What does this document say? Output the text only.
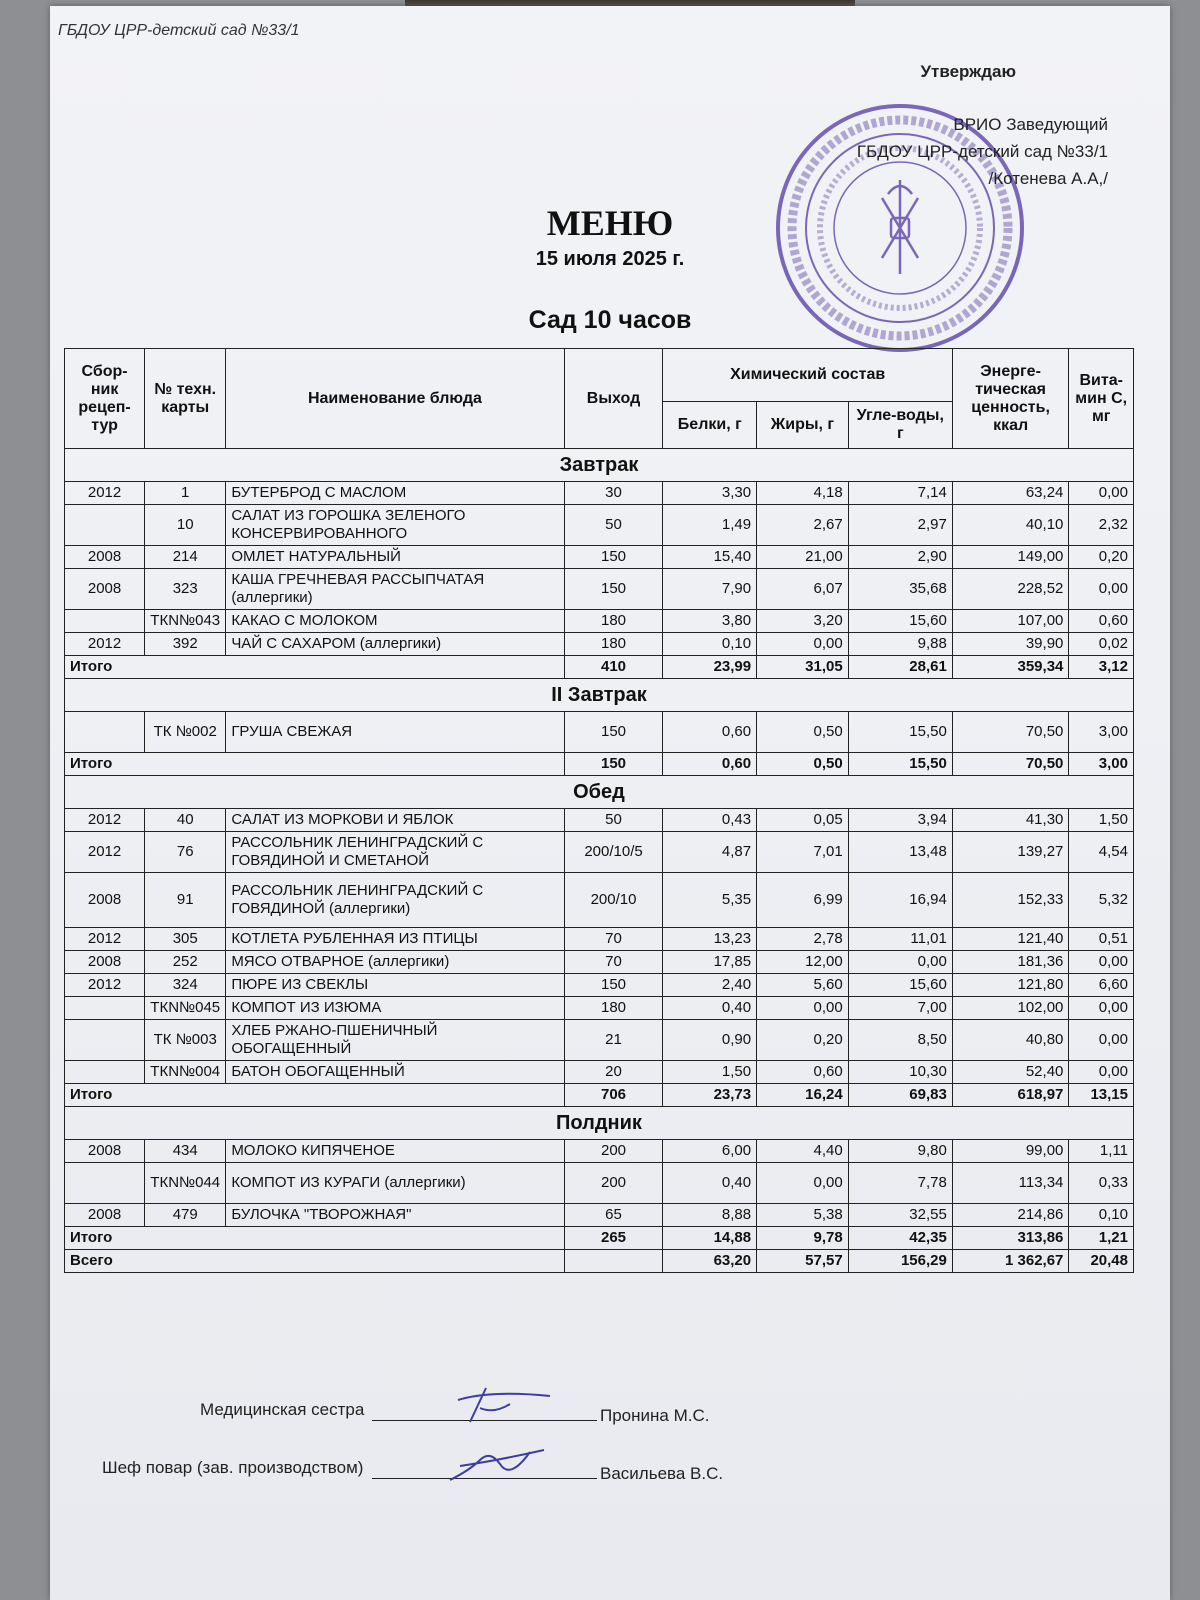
ГБДОУ ЦРР-детский сад №33/1
Утверждаю
ВРИО Заведующий
ГБДОУ ЦРР-детский сад №33/1
/Котенева А.А,/
МЕНЮ
15 июля 2025 г.
Сад 10 часов
Сбор-ник рецеп-тур	№ техн. карты	Наименование блюда	Выход	Химический состав			Энерге-тическая ценность, ккал	Вита-мин С, мг
				Белки, г	Жиры, г	Угле-воды, г		
Завтрак								
2012	1	БУТЕРБРОД С МАСЛОМ	30	3,30	4,18	7,14	63,24	0,00
	10	САЛАТ ИЗ ГОРОШКА ЗЕЛЕНОГО КОНСЕРВИРОВАННОГО	50	1,49	2,67	2,97	40,10	2,32
2008	214	ОМЛЕТ НАТУРАЛЬНЫЙ	150	15,40	21,00	2,90	149,00	0,20
2008	323	КАША ГРЕЧНЕВАЯ РАССЫПЧАТАЯ (аллергики)	150	7,90	6,07	35,68	228,52	0,00
	ТКN№043	КАКАО С МОЛОКОМ	180	3,80	3,20	15,60	107,00	0,60
2012	392	ЧАЙ С САХАРОМ (аллергики)	180	0,10	0,00	9,88	39,90	0,02
Итого			410	23,99	31,05	28,61	359,34	3,12
II Завтрак								
	ТК №002	ГРУША СВЕЖАЯ	150	0,60	0,50	15,50	70,50	3,00
Итого			150	0,60	0,50	15,50	70,50	3,00
Обед								
2012	40	САЛАТ ИЗ МОРКОВИ И ЯБЛОК	50	0,43	0,05	3,94	41,30	1,50
2012	76	РАССОЛЬНИК ЛЕНИНГРАДСКИЙ С ГОВЯДИНОЙ И СМЕТАНОЙ	200/10/5	4,87	7,01	13,48	139,27	4,54
2008	91	РАССОЛЬНИК ЛЕНИНГРАДСКИЙ С ГОВЯДИНОЙ (аллергики)	200/10	5,35	6,99	16,94	152,33	5,32
2012	305	КОТЛЕТА РУБЛЕННАЯ ИЗ ПТИЦЫ	70	13,23	2,78	11,01	121,40	0,51
2008	252	МЯСО ОТВАРНОЕ (аллергики)	70	17,85	12,00	0,00	181,36	0,00
2012	324	ПЮРЕ ИЗ СВЕКЛЫ	150	2,40	5,60	15,60	121,80	6,60
	ТКN№045	КОМПОТ ИЗ ИЗЮМА	180	0,40	0,00	7,00	102,00	0,00
	ТК №003	ХЛЕБ РЖАНО-ПШЕНИЧНЫЙ ОБОГАЩЕННЫЙ	21	0,90	0,20	8,50	40,80	0,00
	ТКN№004	БАТОН ОБОГАЩЕННЫЙ	20	1,50	0,60	10,30	52,40	0,00
Итого			706	23,73	16,24	69,83	618,97	13,15
Полдник								
2008	434	МОЛОКО КИПЯЧЕНОЕ	200	6,00	4,40	9,80	99,00	1,11
	ТКN№044	КОМПОТ ИЗ КУРАГИ (аллергики)	200	0,40	0,00	7,78	113,34	0,33
2008	479	БУЛОЧКА "ТВОРОЖНАЯ"	65	8,88	5,38	32,55	214,86	0,10
Итого			265	14,88	9,78	42,35	313,86	1,21
Всего				63,20	57,57	156,29	1 362,67	20,48
Медицинская сестра	Пронина М.С.
Шеф повар (зав. производством)	Васильева В.С.
